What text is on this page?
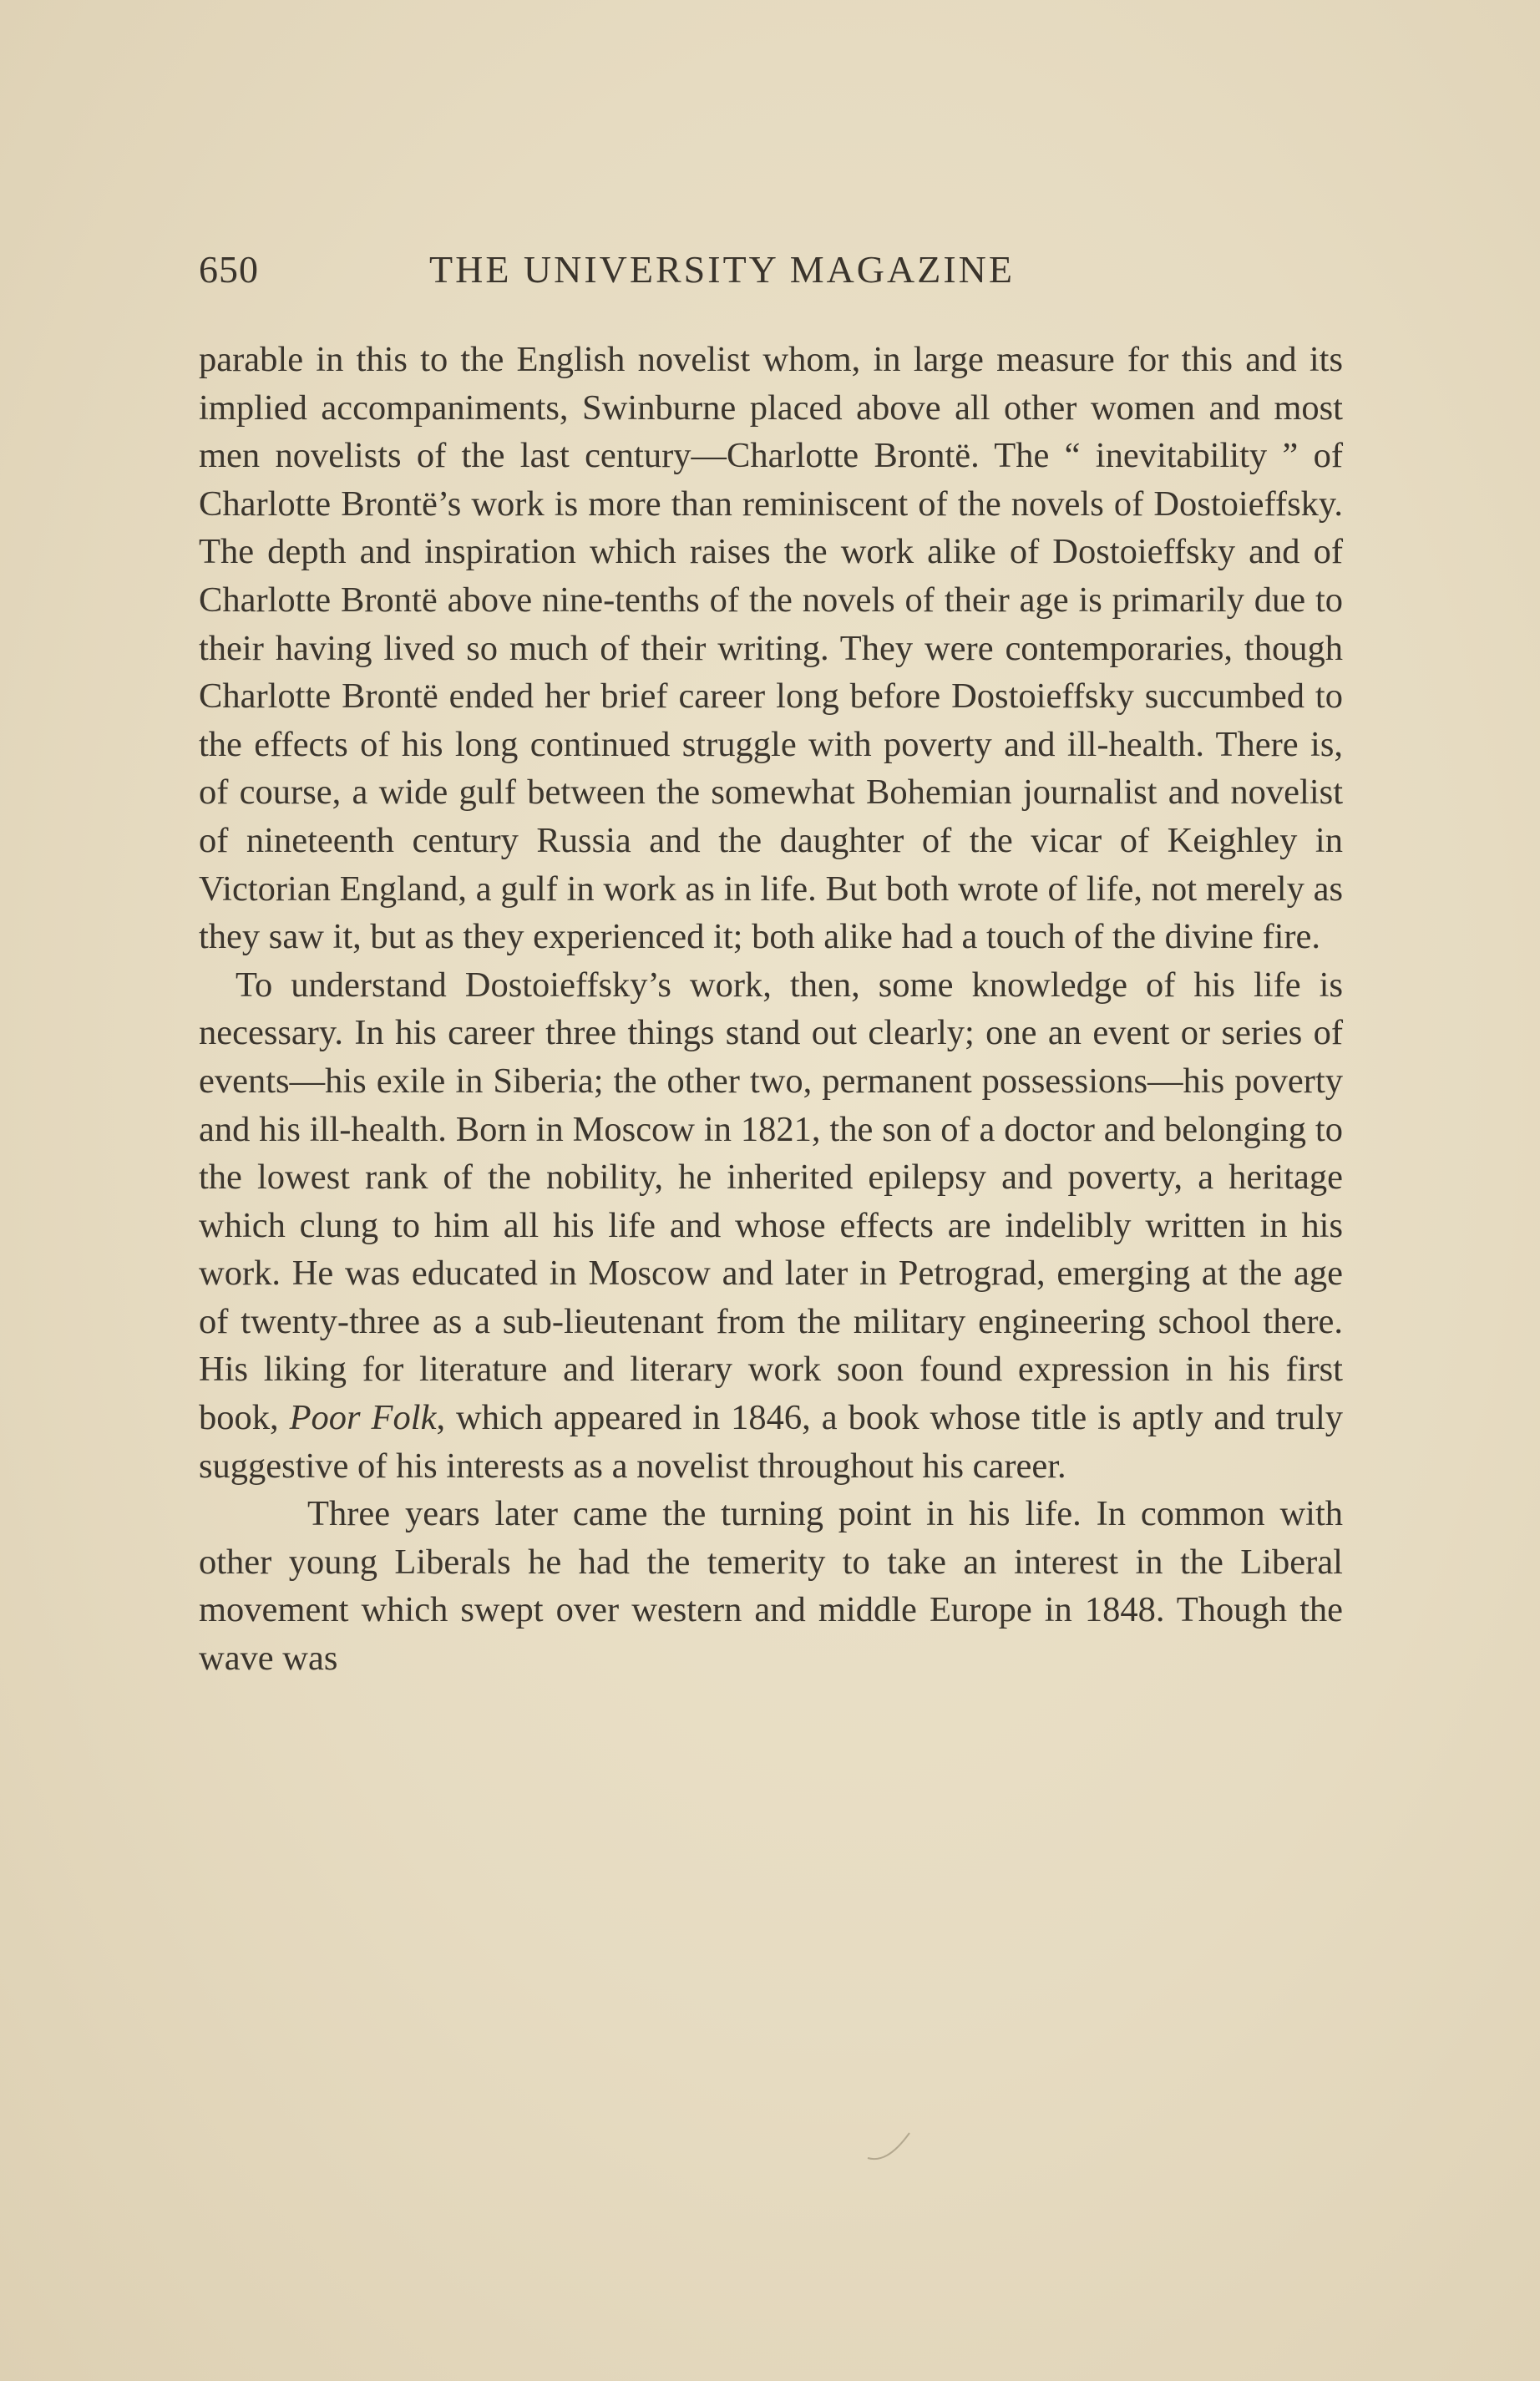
650	THE UNIVERSITY MAGAZINE

parable in this to the English novelist whom, in large measure for this and its implied accompaniments, Swinburne placed above all other women and most men novelists of the last century—Charlotte Brontë. The “ inevitability ” of Charlotte Brontë’s work is more than reminiscent of the novels of Dostoieffsky. The depth and inspiration which raises the work alike of Dostoieffsky and of Charlotte Brontë above nine-tenths of the novels of their age is primarily due to their having lived so much of their writing. They were contemporaries, though Charlotte Brontë ended her brief career long before Dostoieffsky succumbed to the effects of his long continued struggle with poverty and ill-health. There is, of course, a wide gulf between the somewhat Bohemian journalist and novelist of nineteenth century Russia and the daughter of the vicar of Keighley in Victorian England, a gulf in work as in life. But both wrote of life, not merely as they saw it, but as they experienced it; both alike had a touch of the divine fire.

To understand Dostoieffsky’s work, then, some knowledge of his life is necessary. In his career three things stand out clearly; one an event or series of events—his exile in Siberia; the other two, permanent possessions—his poverty and his ill-health. Born in Moscow in 1821, the son of a doctor and belonging to the lowest rank of the nobility, he inherited epilepsy and poverty, a heritage which clung to him all his life and whose effects are indelibly written in his work. He was educated in Moscow and later in Petrograd, emerging at the age of twenty-three as a sub-lieutenant from the military engineering school there. His liking for literature and literary work soon found expression in his first book, Poor Folk, which appeared in 1846, a book whose title is aptly and truly suggestive of his interests as a novelist throughout his career.

Three years later came the turning point in his life. In common with other young Liberals he had the temerity to take an interest in the Liberal movement which swept over western and middle Europe in 1848. Though the wave was
